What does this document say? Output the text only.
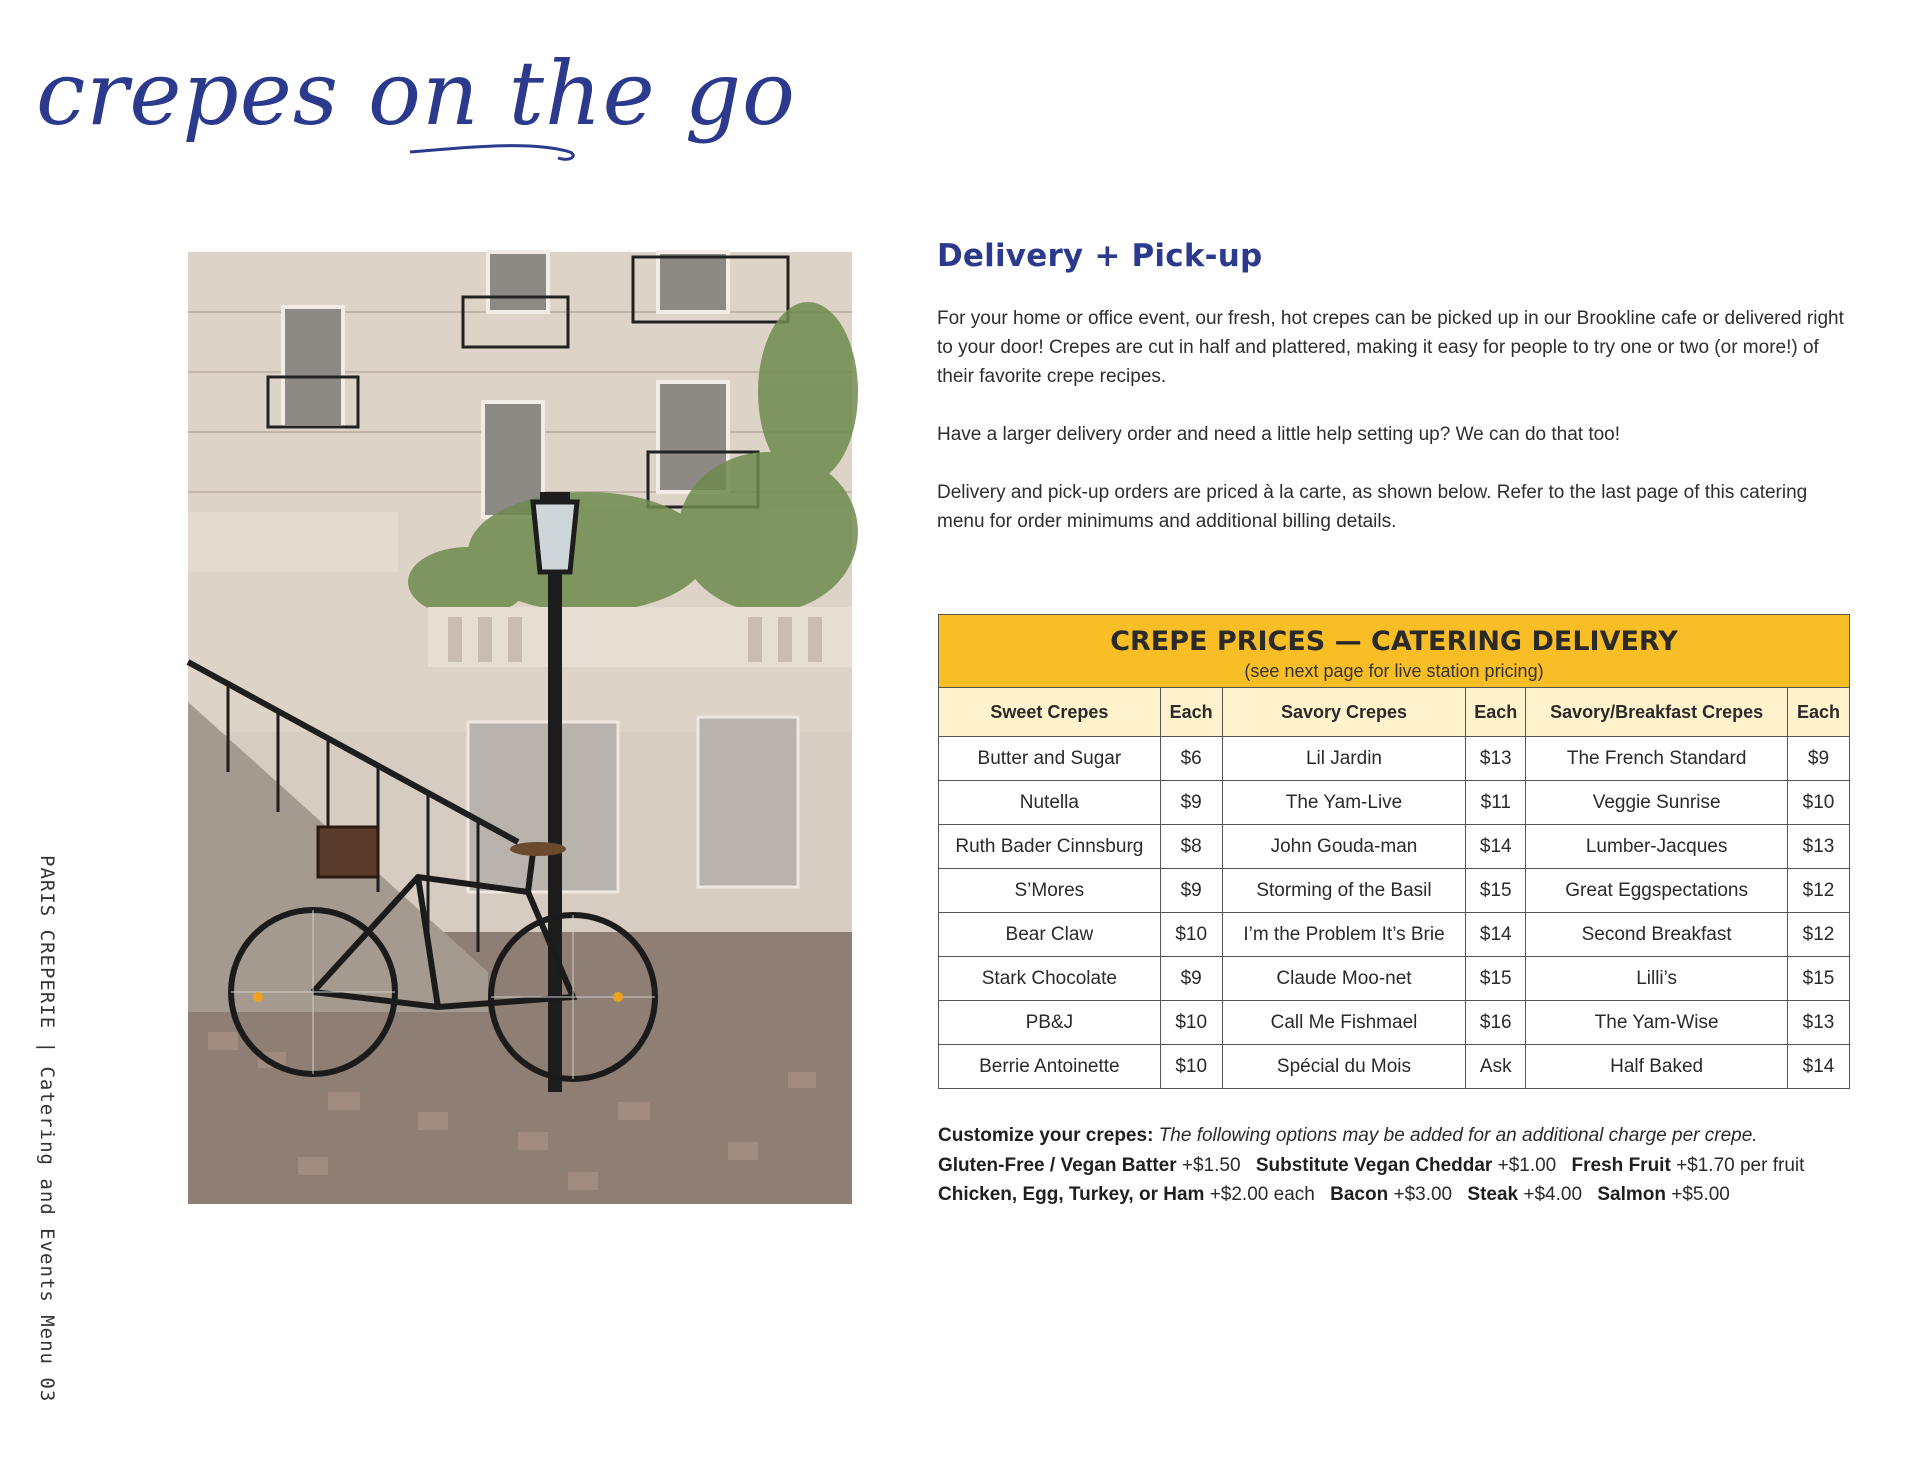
crepes on the go
PARIS CREPERIE | Catering and Events Menu 03
Delivery + Pick-up

For your home or office event, our fresh, hot crepes can be picked up in our Brookline cafe or delivered right to your door! Crepes are cut in half and plattered, making it easy for people to try one or two (or more!) of their favorite crepe recipes.

Have a larger delivery order and need a little help setting up? We can do that too!

Delivery and pick-up orders are priced à la carte, as shown below. Refer to the last page of this catering menu for order minimums and additional billing details.

CREPE PRICES — CATERING DELIVERY
(see next page for live station pricing)					

Sweet Crepes	Each	Savory Crepes	Each	Savory/Breakfast Crepes	Each
Butter and Sugar	$6	Lil Jardin	$13	The French Standard	$9
Nutella	$9	The Yam-Live	$11	Veggie Sunrise	$10
Ruth Bader Cinnsburg	$8	John Gouda-man	$14	Lumber-Jacques	$13
S’Mores	$9	Storming of the Basil	$15	Great Eggspectations	$12
Bear Claw	$10	I’m the Problem It’s Brie	$14	Second Breakfast	$12
Stark Chocolate	$9	Claude Moo-net	$15	Lilli’s	$15
PB&J	$10	Call Me Fishmael	$16	The Yam-Wise	$13
Berrie Antoinette	$10	Spécial du Mois	Ask	Half Baked	$14
Customize your crepes: The following options may be added for an additional charge per crepe.
Gluten-Free / Vegan Batter +$1.50 Substitute Vegan Cheddar +$1.00 Fresh Fruit +$1.70 per fruit
Chicken, Egg, Turkey, or Ham +$2.00 each Bacon +$3.00 Steak +$4.00 Salmon +$5.00
